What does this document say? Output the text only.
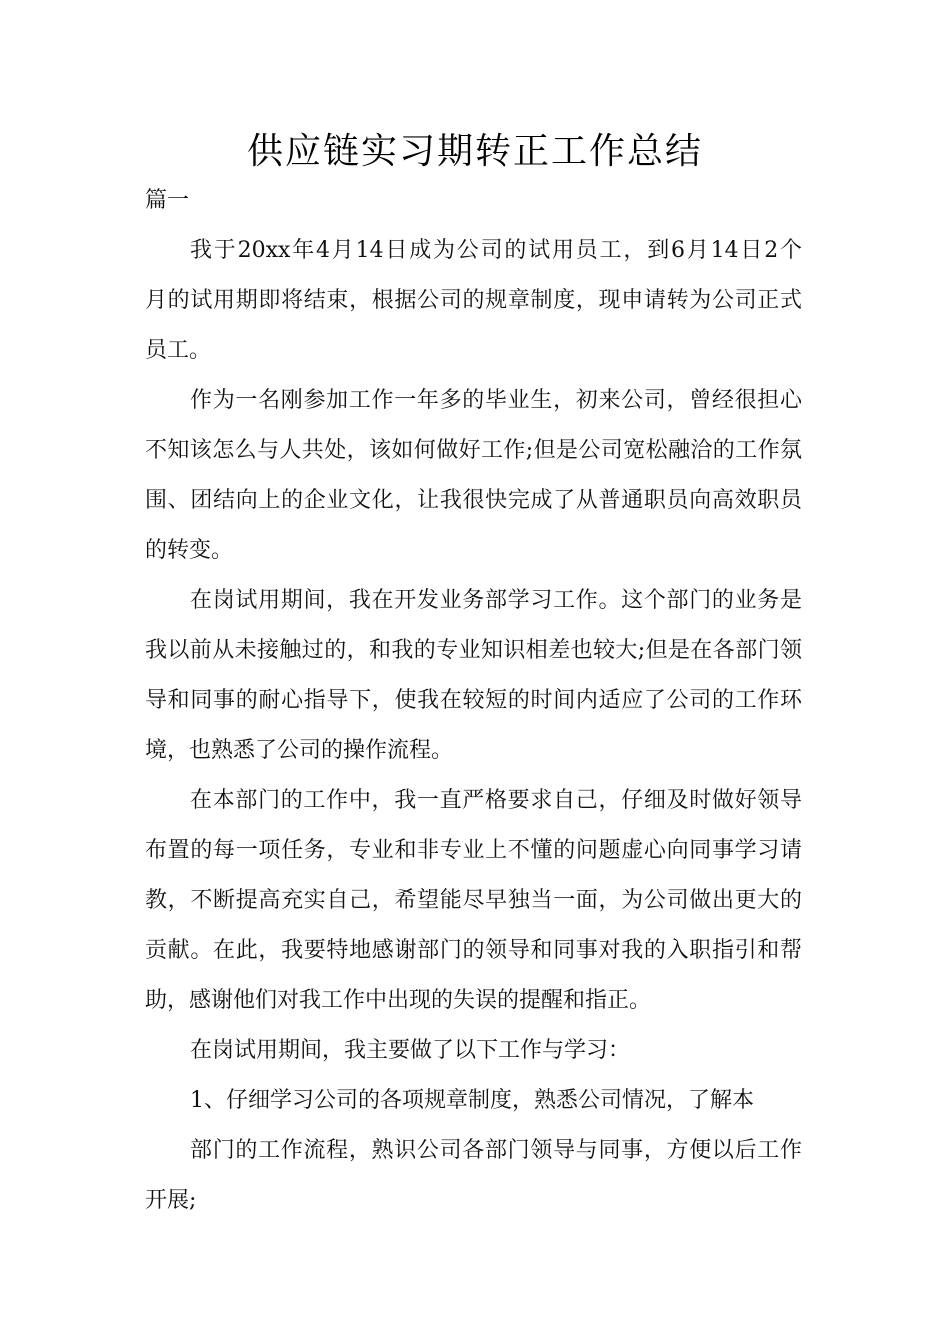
供应链实习期转正工作总结
篇一
我于20xx年4月14日成为公司的试用员工，到6月14日2个
月的试用期即将结束，根据公司的规章制度，现申请转为公司正式
员工。
作为一名刚参加工作一年多的毕业生，初来公司，曾经很担心
不知该怎么与人共处，该如何做好工作;但是公司宽松融洽的工作氛
围、团结向上的企业文化，让我很快完成了从普通职员向高效职员
的转变。
在岗试用期间，我在开发业务部学习工作。这个部门的业务是
我以前从未接触过的，和我的专业知识相差也较大;但是在各部门领
导和同事的耐心指导下，使我在较短的时间内适应了公司的工作环
境，也熟悉了公司的操作流程。
在本部门的工作中，我一直严格要求自己，仔细及时做好领导
布置的每一项任务，专业和非专业上不懂的问题虚心向同事学习请
教，不断提高充实自己，希望能尽早独当一面，为公司做出更大的
贡献。在此，我要特地感谢部门的领导和同事对我的入职指引和帮
助，感谢他们对我工作中出现的失误的提醒和指正。
在岗试用期间，我主要做了以下工作与学习：
1、仔细学习公司的各项规章制度，熟悉公司情况，了解本
部门的工作流程，熟识公司各部门领导与同事，方便以后工作
开展;
